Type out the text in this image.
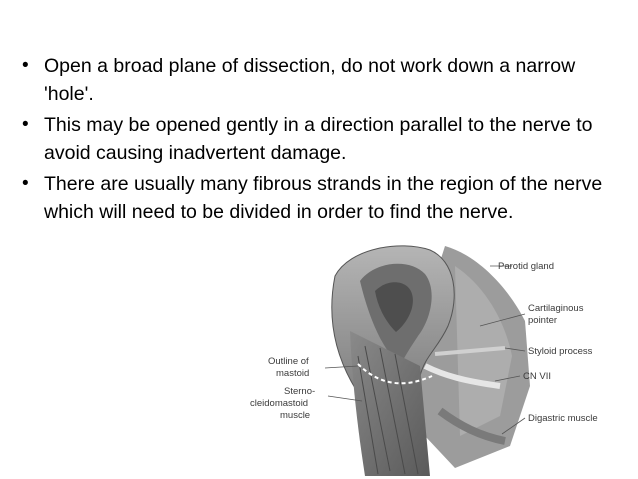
• Open a broad plane of dissection, do not work down a narrow 'hole'.
• This may be opened gently in a direction parallel to the nerve to avoid causing inadvertent damage.
• There are usually many fibrous strands in the region of the nerve which will need to be divided in order to find the nerve.
Parotid gland
Cartilaginous
pointer
Styloid process
CN VII
Digastric muscle
Outline of
mastoid
Sterno-
cleidomastoid
muscle
